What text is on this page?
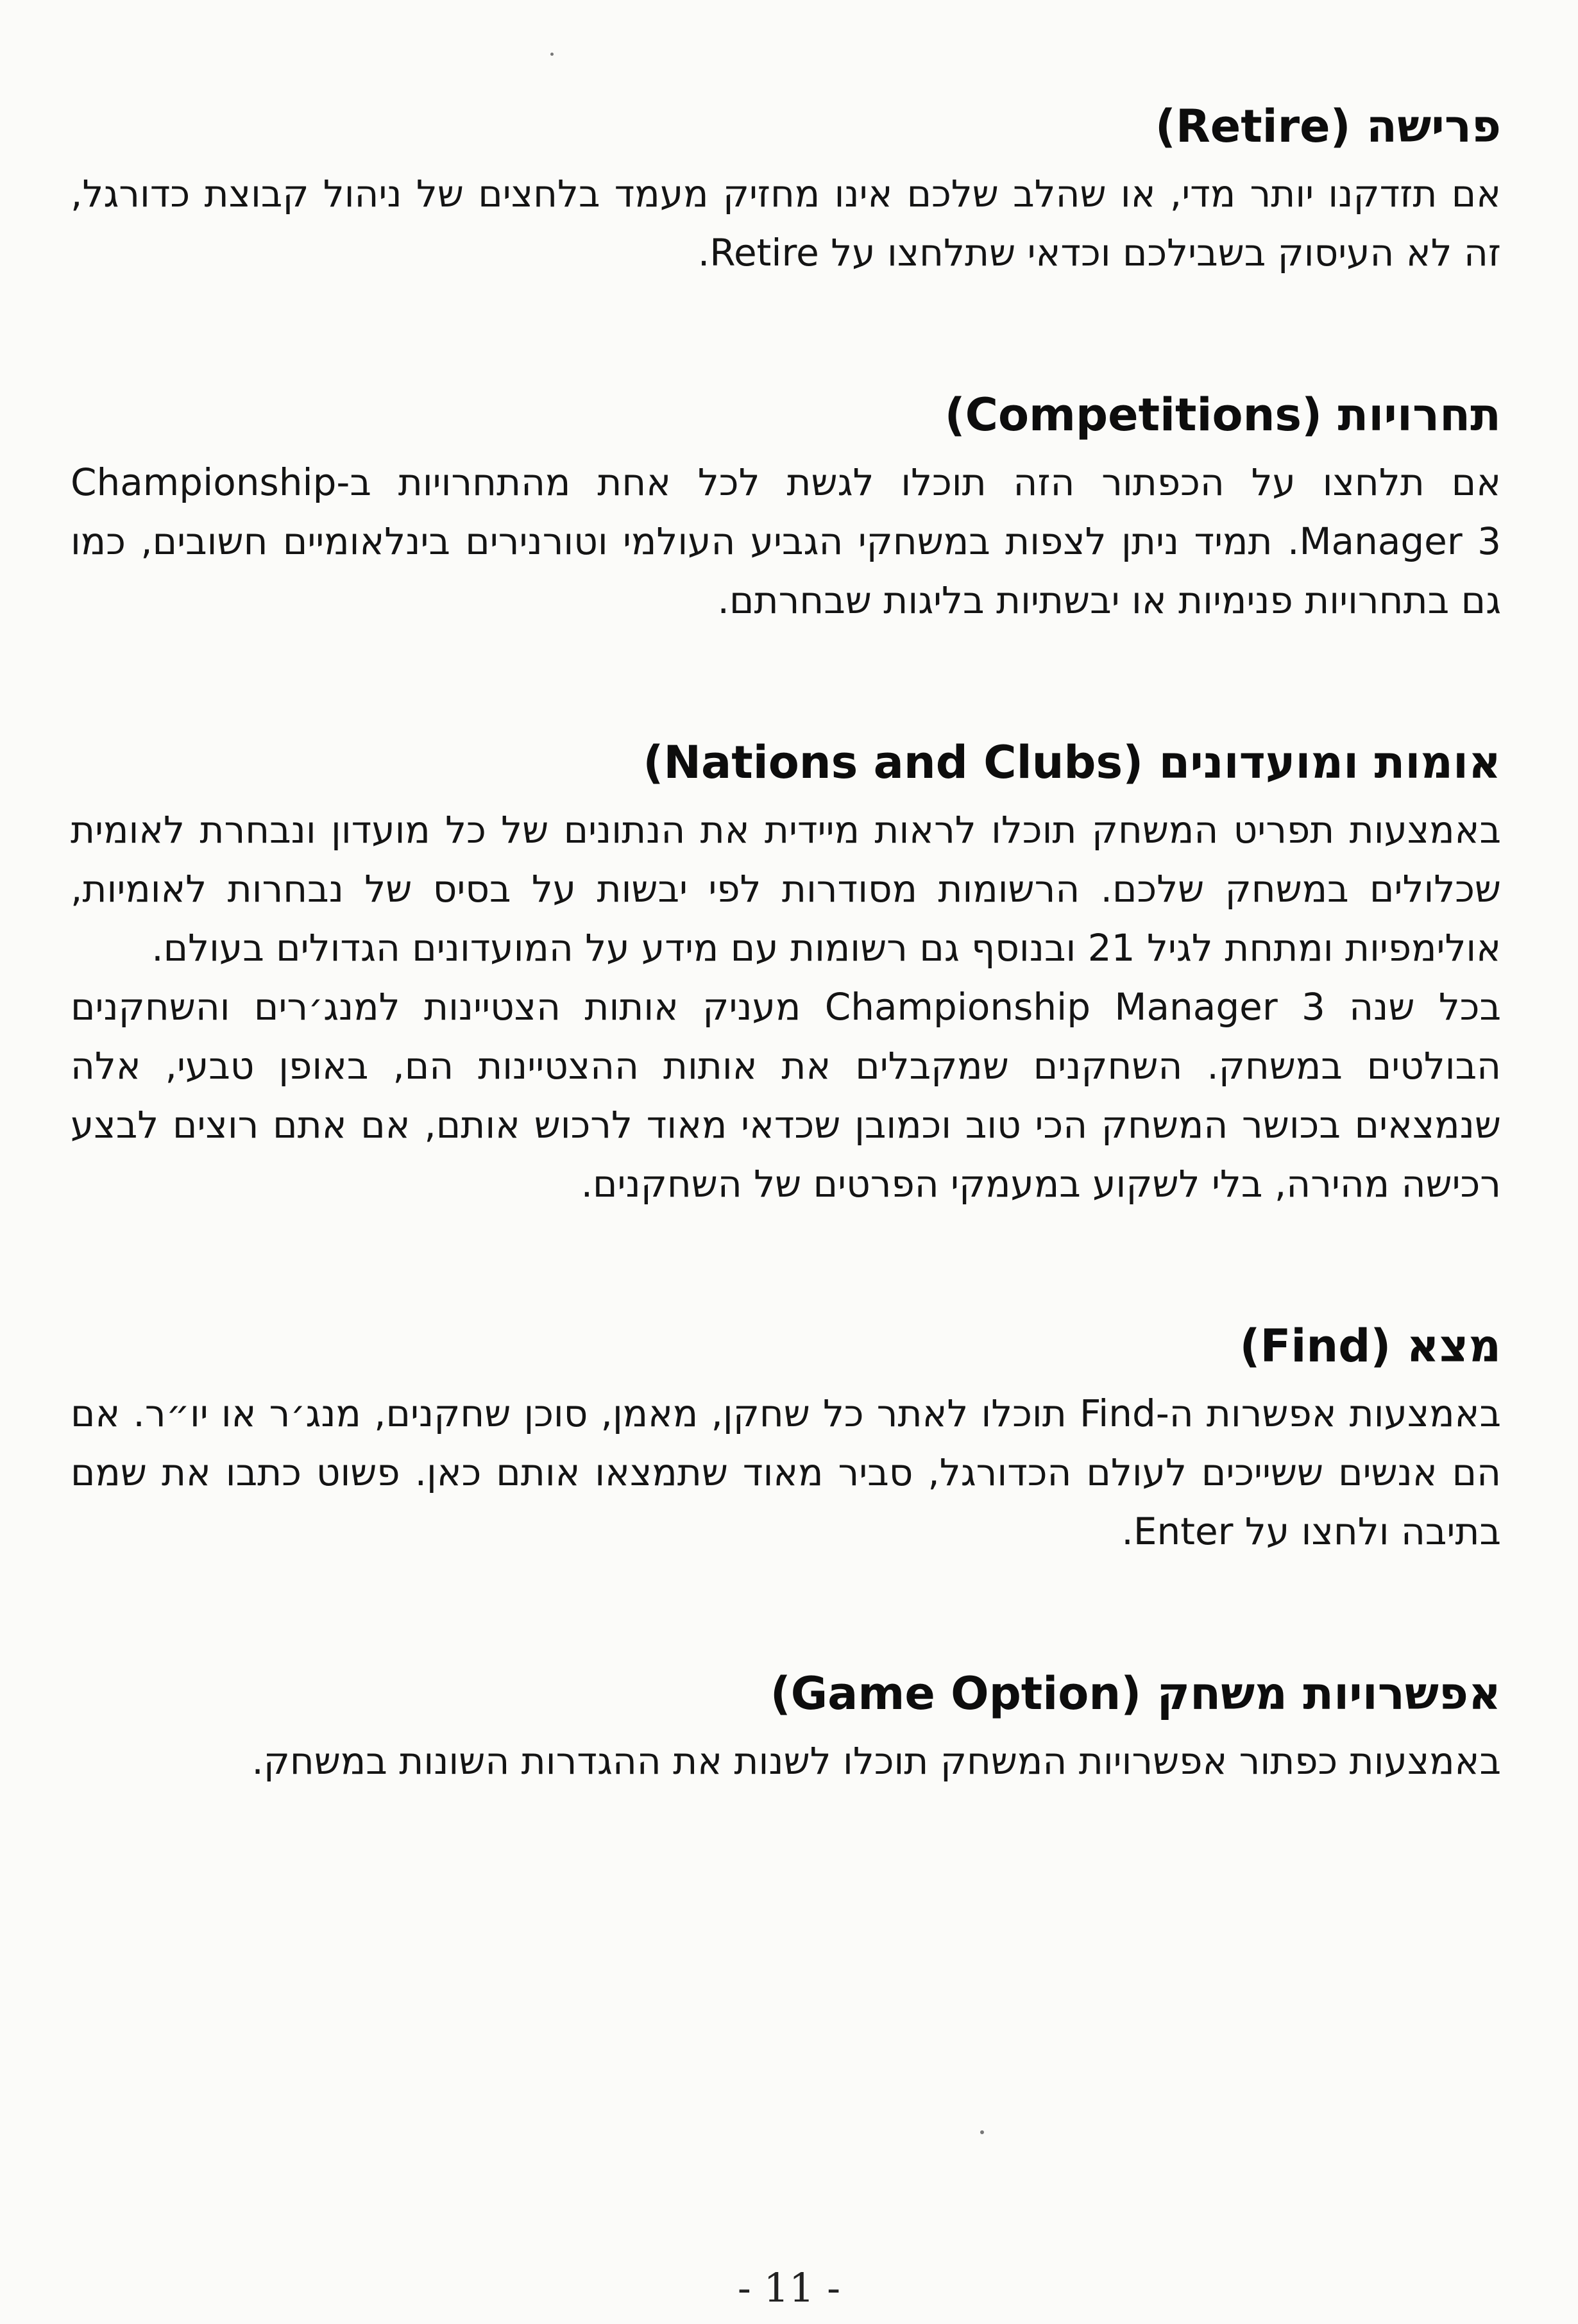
פרישה (Retire)

אם תזדקנו יותר מדי, או שהלב שלכם אינו מחזיק מעמד בלחצים של ניהול קבוצת כדורגל, זה לא העיסוק בשבילכם וכדאי שתלחצו על Retire.

תחרויות (Competitions)

אם תלחצו על הכפתור הזה תוכלו לגשת לכל אחת מהתחרויות ב-Championship Manager 3. תמיד ניתן לצפות במשחקי הגביע העולמי וטורנירים בינלאומיים חשובים, כמו גם בתחרויות פנימיות או יבשתיות בליגות שבחרתם.

אומות ומועדונים (Nations and Clubs)

באמצעות תפריט המשחק תוכלו לראות מיידית את הנתונים של כל מועדון ונבחרת לאומית שכלולים במשחק שלכם. הרשומות מסודרות לפי יבשות על בסיס של נבחרות לאומיות, אולימפיות ומתחת לגיל 21 ובנוסף גם רשומות עם מידע על המועדונים הגדולים בעולם.

בכל שנה Championship Manager 3 מעניק אותות הצטיינות למנג׳רים והשחקנים הבולטים במשחק. השחקנים שמקבלים את אותות ההצטיינות הם, באופן טבעי, אלה שנמצאים בכושר המשחק הכי טוב וכמובן שכדאי מאוד לרכוש אותם, אם אתם רוצים לבצע רכישה מהירה, בלי לשקוע במעמקי הפרטים של השחקנים.

מצא (Find)

באמצעות אפשרות ה-Find תוכלו לאתר כל שחקן, מאמן, סוכן שחקנים, מנג׳ר או יו״ר. אם הם אנשים ששייכים לעולם הכדורגל, סביר מאוד שתמצאו אותם כאן. פשוט כתבו את שמם בתיבה ולחצו על Enter.

אפשרויות משחק (Game Option)

באמצעות כפתור אפשרויות המשחק תוכלו לשנות את ההגדרות השונות במשחק.

- 11 -
